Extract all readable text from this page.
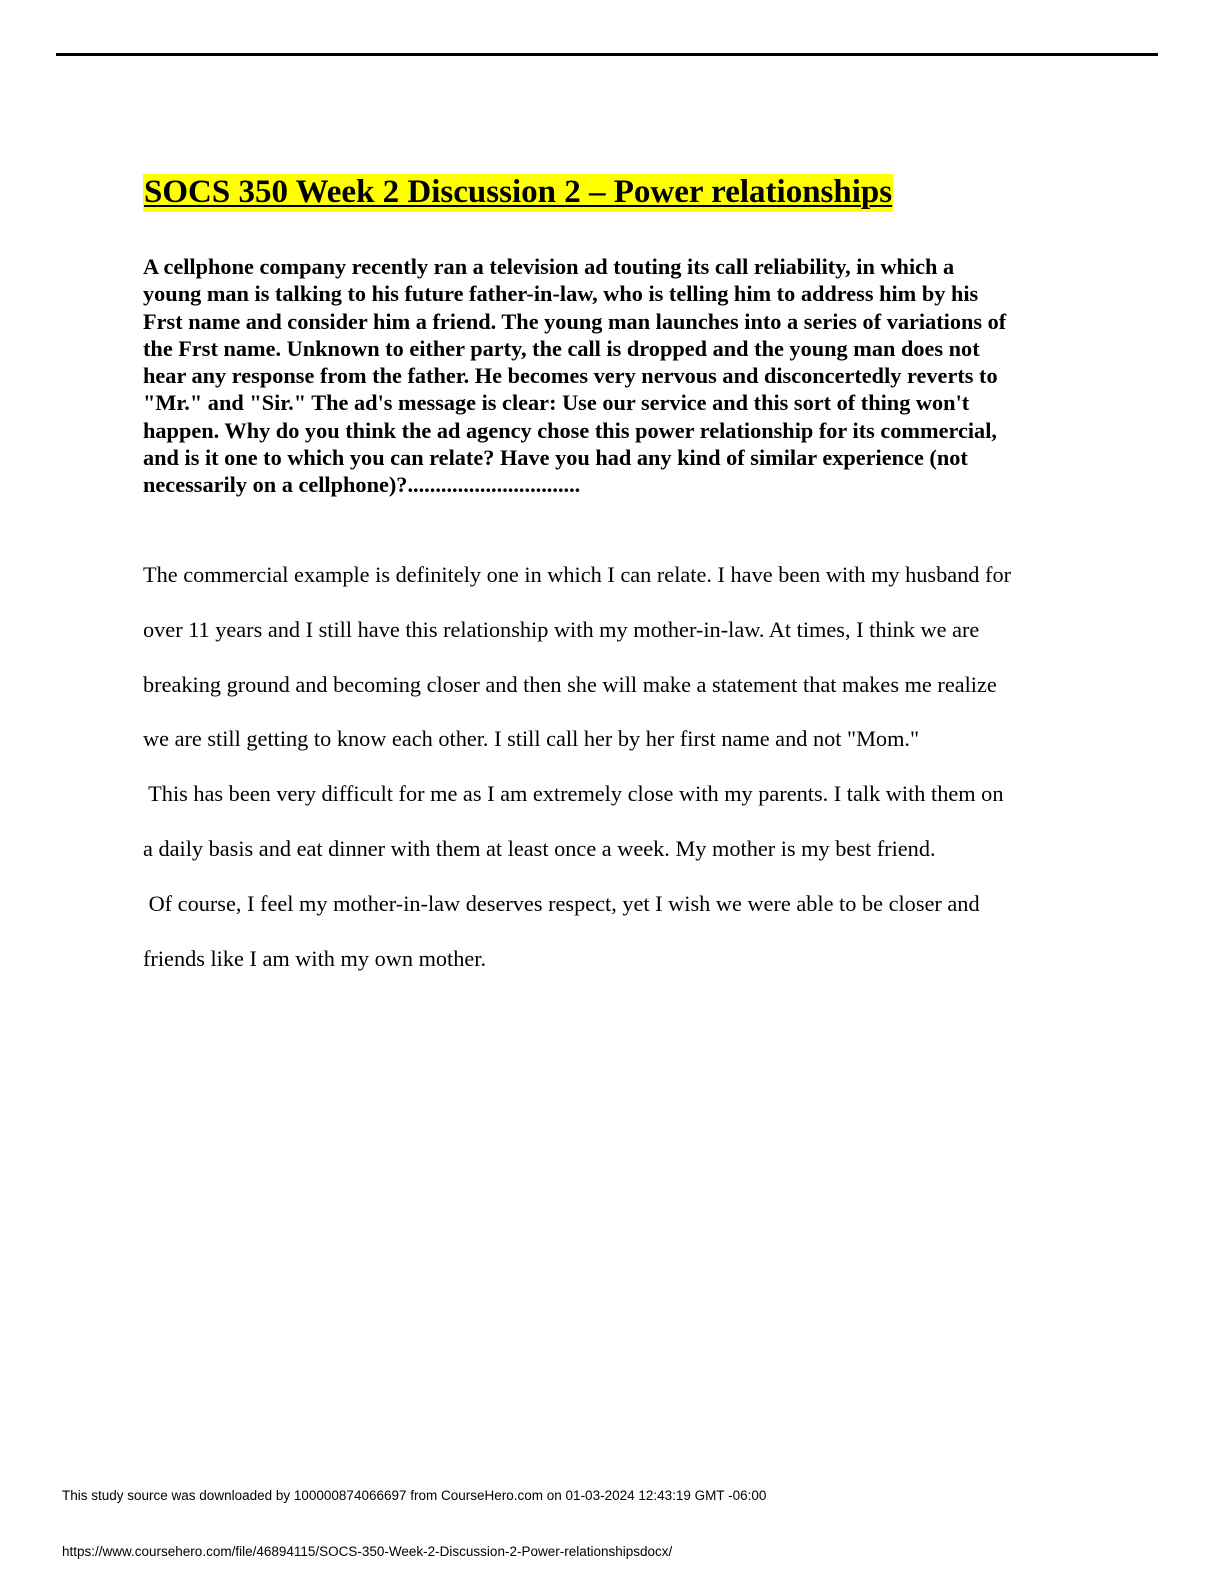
SOCS 350 Week 2 Discussion 2 – Power relationships

A cellphone company recently ran a television ad touting its call reliability, in which a
young man is talking to his future father-in-law, who is telling him to address him by his
Frst name and consider him a friend. The young man launches into a series of variations of
the Frst name. Unknown to either party, the call is dropped and the young man does not
hear any response from the father. He becomes very nervous and disconcertedly reverts to
"Mr." and "Sir." The ad's message is clear: Use our service and this sort of thing won't
happen. Why do you think the ad agency chose this power relationship for its commercial,
and is it one to which you can relate? Have you had any kind of similar experience (not
necessarily on a cellphone)?...............................

The commercial example is definitely one in which I can relate. I have been with my husband for
over 11 years and I still have this relationship with my mother-in-law. At times, I think we are
breaking ground and becoming closer and then she will make a statement that makes me realize
we are still getting to know each other. I still call her by her first name and not "Mom."
This has been very difficult for me as I am extremely close with my parents. I talk with them on
a daily basis and eat dinner with them at least once a week. My mother is my best friend.
Of course, I feel my mother-in-law deserves respect, yet I wish we were able to be closer and
friends like I am with my own mother.

This study source was downloaded by 100000874066697 from CourseHero.com on 01-03-2024 12:43:19 GMT -06:00

https://www.coursehero.com/file/46894115/SOCS-350-Week-2-Discussion-2-Power-relationshipsdocx/
